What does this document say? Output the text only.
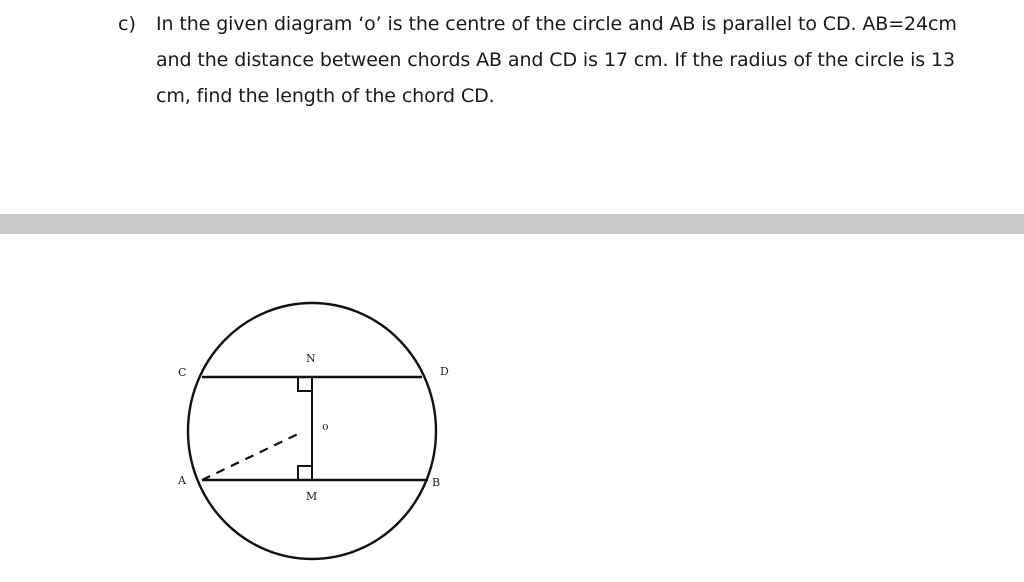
c) In the given diagram ‘o’ is the centre of the circle and AB is parallel to CD. AB=24cm and the distance between chords AB and CD is 17 cm. If the radius of the circle is 13 cm, find the length of the chord CD.
C	D
N
o
A
M
B
